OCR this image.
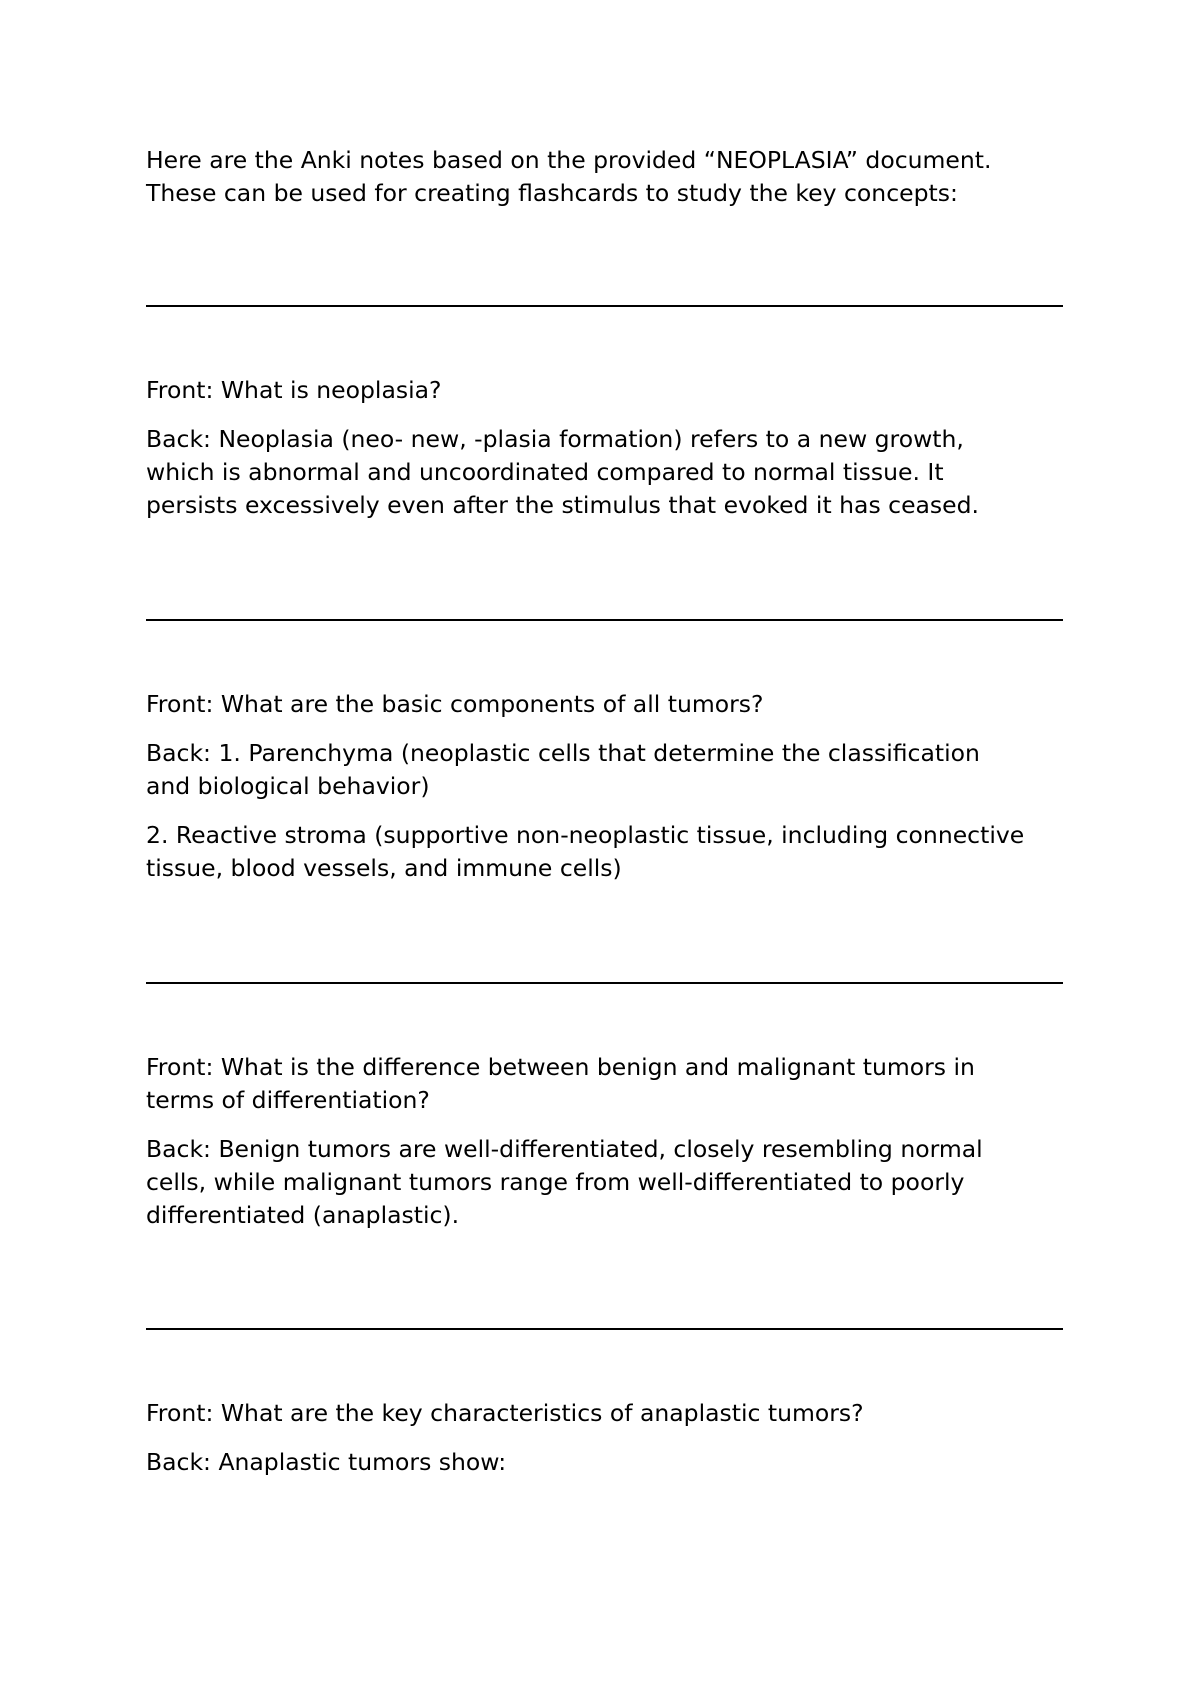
Here are the Anki notes based on the provided “NEOPLASIA” document.

These can be used for creating flashcards to study the key concepts:

Front: What is neoplasia?

Back: Neoplasia (neo- new, -plasia formation) refers to a new growth,

which is abnormal and uncoordinated compared to normal tissue. It

persists excessively even after the stimulus that evoked it has ceased.

Front: What are the basic components of all tumors?

Back: 1. Parenchyma (neoplastic cells that determine the classification

and biological behavior)

2. Reactive stroma (supportive non-neoplastic tissue, including connective

tissue, blood vessels, and immune cells)

Front: What is the difference between benign and malignant tumors in

terms of differentiation?

Back: Benign tumors are well-differentiated, closely resembling normal

cells, while malignant tumors range from well-differentiated to poorly

differentiated (anaplastic).

Front: What are the key characteristics of anaplastic tumors?

Back: Anaplastic tumors show:
